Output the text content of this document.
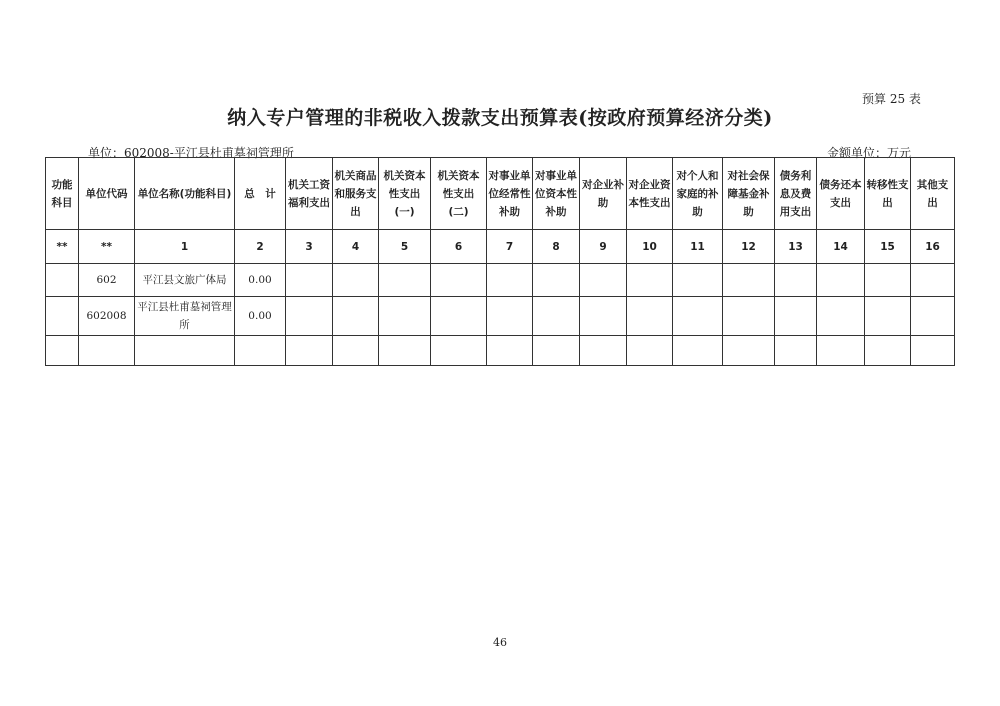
预算 25 表
纳入专户管理的非税收入拨款支出预算表(按政府预算经济分类)
单位：602008-平江县杜甫墓祠管理所	金额单位：万元
功能
科目	单位代码	单位名称(功能科目)	总　计	机关工资
福利支出	机关商品
和服务支
出	机关资本
性支出
(一)	机关资本
性支出
(二)	对事业单
位经常性
补助	对事业单
位资本性
补助	对企业补
助	对企业资
本性支出	对个人和
家庭的补
助	对社会保
障基金补
助	债务利
息及费
用支出	债务还本
支出	转移性支
出	其他支出
**	**	1	2	3	4	5	6	7	8	9	10	11	12	13	14	15	16
	602	平江县文旅广体局	0.00														
	602008	平江县杜甫墓祠管理
所	0.00														

46
